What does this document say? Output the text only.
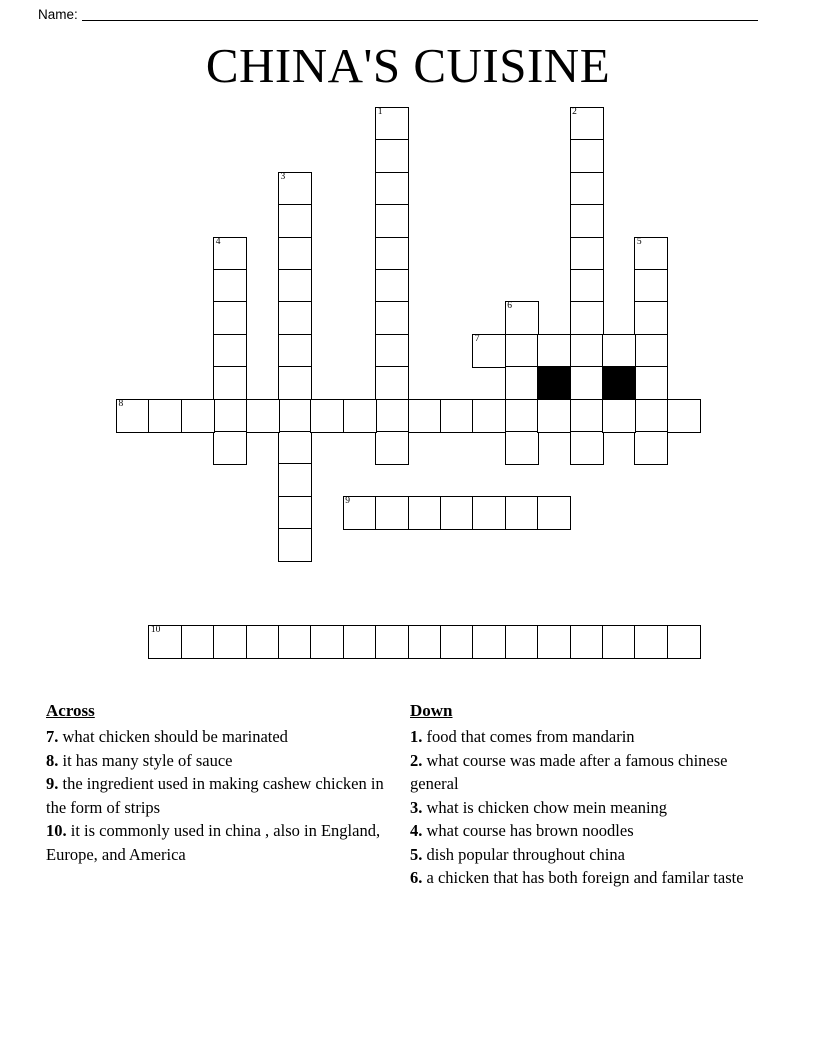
Name:
CHINA'S CUISINE
1	2
3
4	5
6
7
8
9
10
Across

7. what chicken should be marinated

8. it has many style of sauce

9. the ingredient used in making cashew chicken in the form of strips

10. it is commonly used in china , also in England, Europe, and America

Down

1. food that comes from mandarin

2. what course was made after a famous chinese general

3. what is chicken chow mein meaning

4. what course has brown noodles

5. dish popular throughout china

6. a chicken that has both foreign and familar taste
